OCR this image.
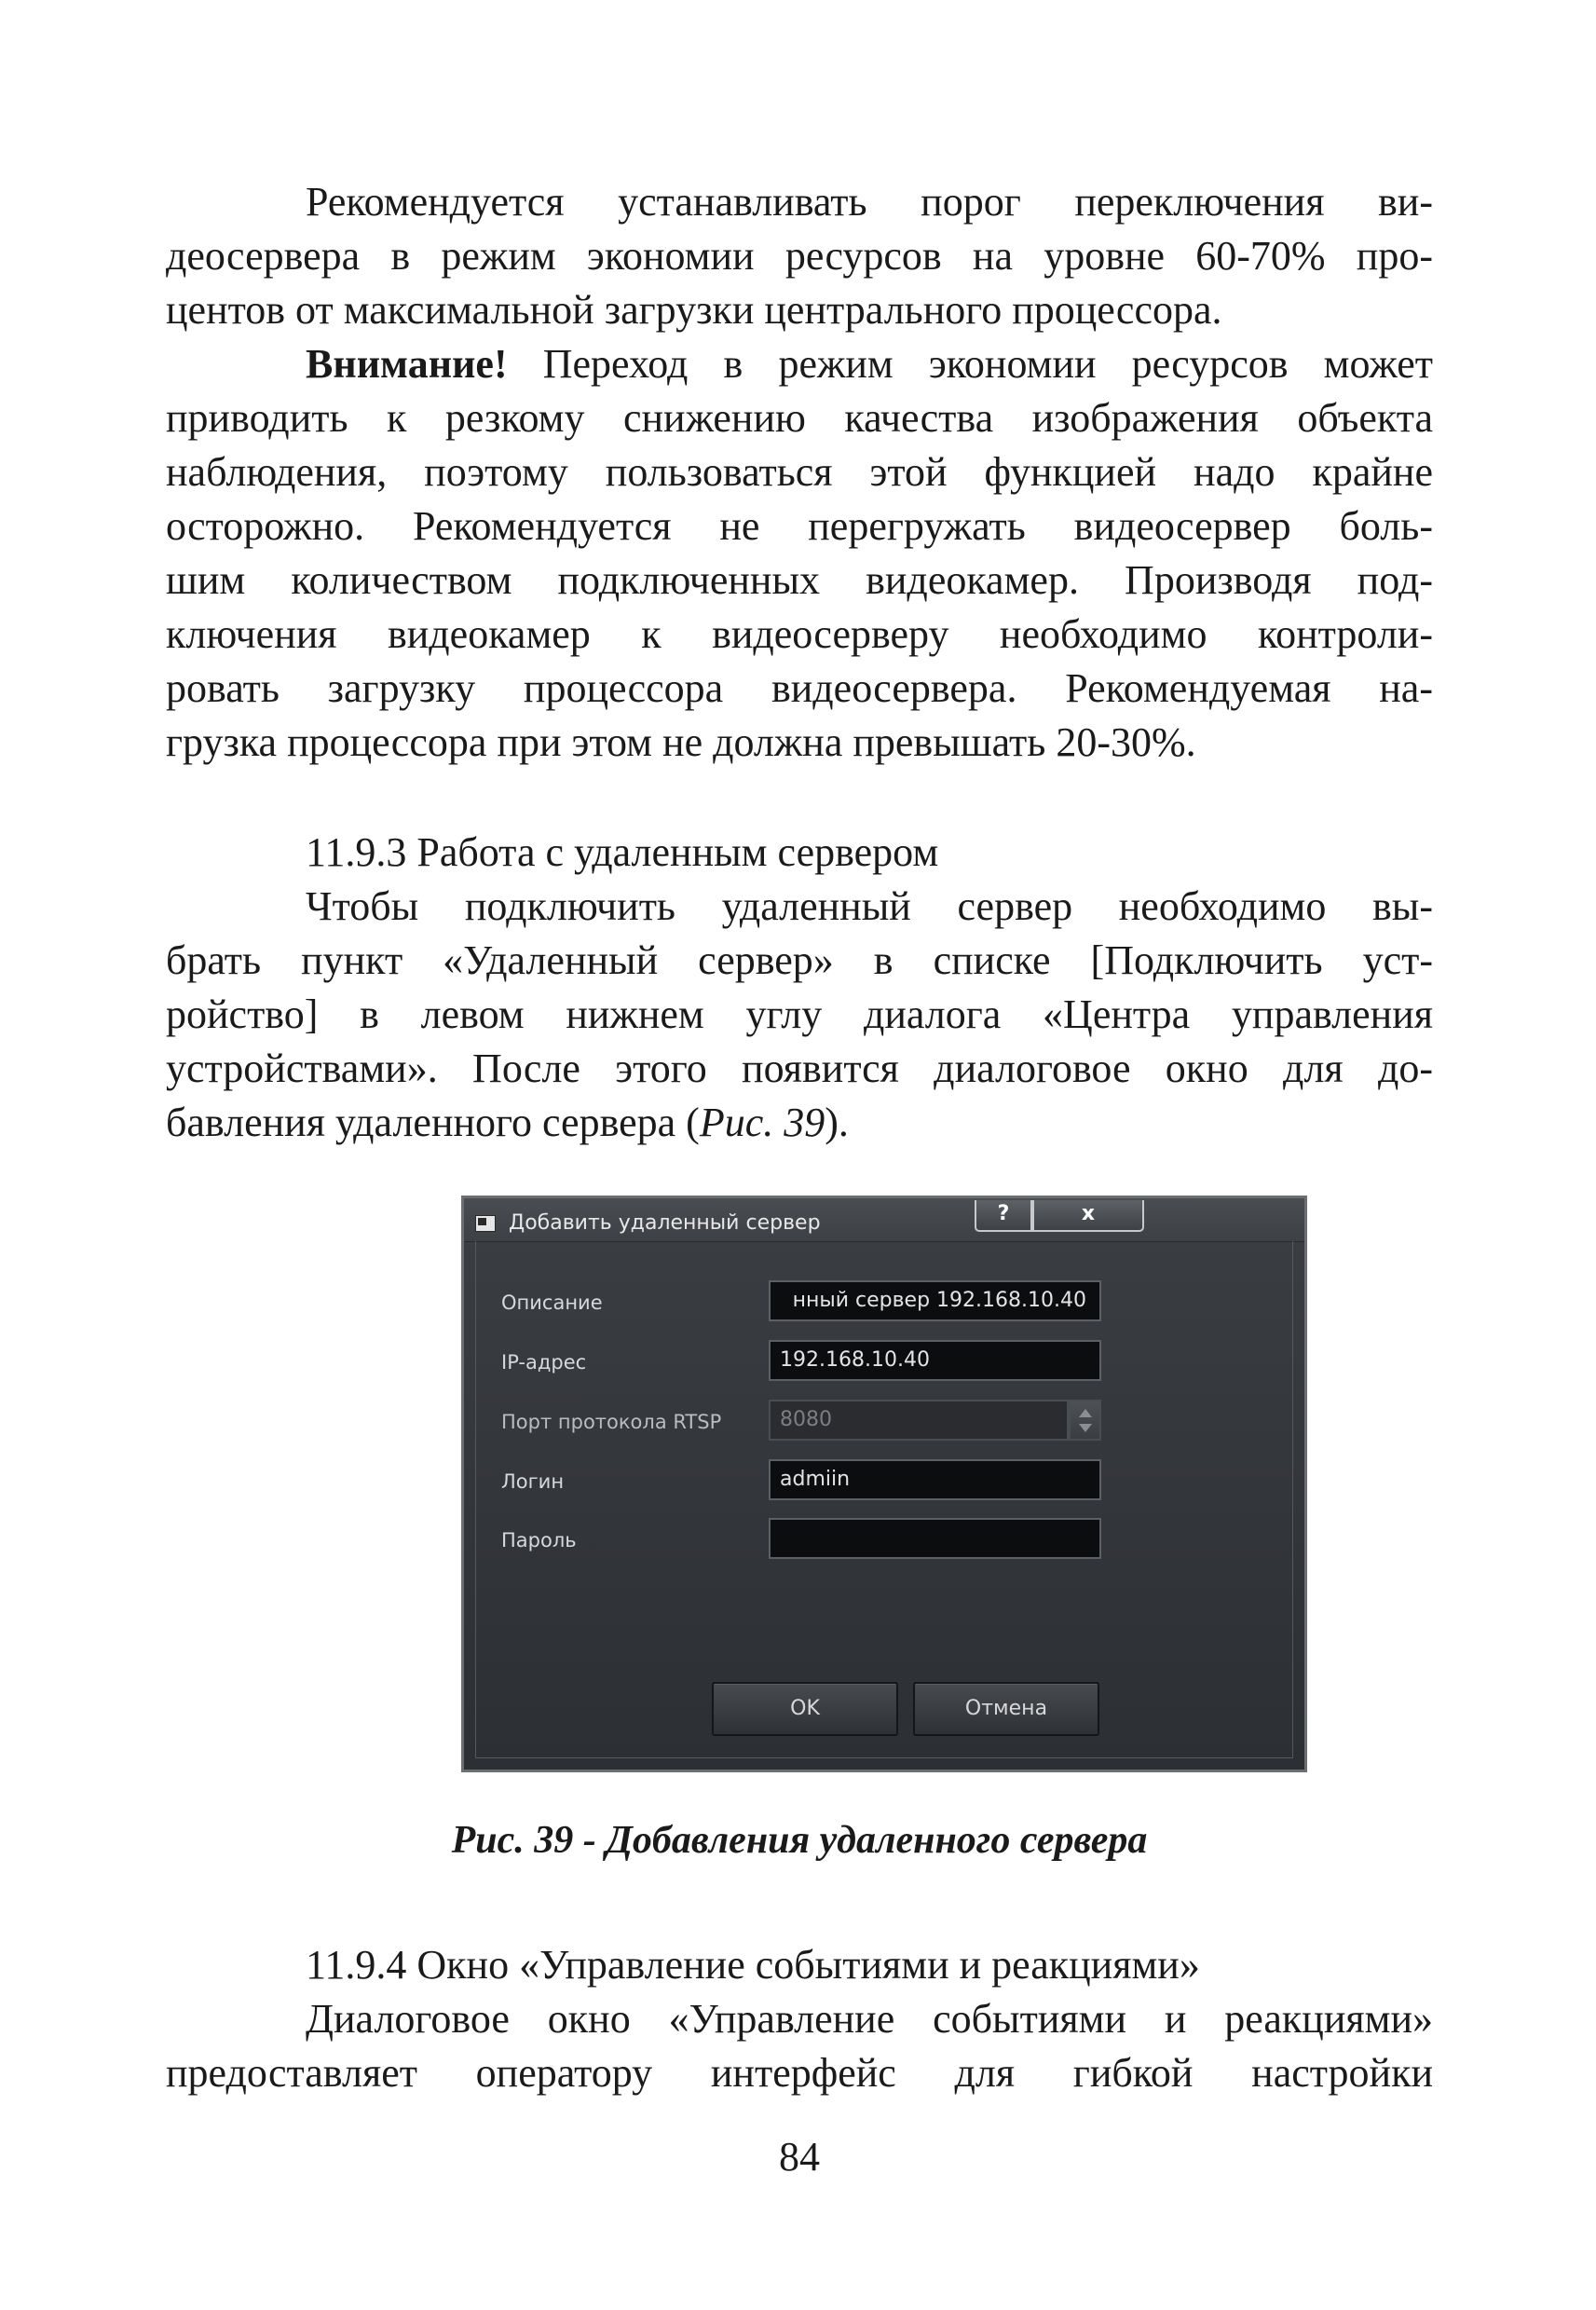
Рекомендуется устанавливать порог переключения ви-
деосервера в режим экономии ресурсов на уровне 60-70% про-
центов от максимальной загрузки центрального процессора.
Внимание! Переход в режим экономии ресурсов может
приводить к резкому снижению качества изображения объекта
наблюдения, поэтому пользоваться этой функцией надо крайне
осторожно. Рекомендуется не перегружать видеосервер боль-
шим количеством подключенных видеокамер. Производя под-
ключения видеокамер к видеосерверу необходимо контроли-
ровать загрузку процессора видеосервера. Рекомендуемая на-
грузка процессора при этом не должна превышать 20-30%.
11.9.3 Работа с удаленным сервером
Чтобы подключить удаленный сервер необходимо вы-
брать пункт «Удаленный сервер» в списке [Подключить уст-
ройство] в левом нижнем углу диалога «Центра управления
устройствами». После этого появится диалоговое окно для до-
бавления удаленного сервера (Рис. 39).
Добавить удаленный сервер	?	x
Описание	нный сервер 192.168.10.40
IP-адрес	192.168.10.40
Порт протокола RTSP	8080
Логин	admiin
Пароль
OK	Отмена
Рис. 39 - Добавления удаленного сервера
11.9.4 Окно «Управление событиями и реакциями»
Диалоговое окно «Управление событиями и реакциями»
предоставляет оператору интерфейс для гибкой настройки
84
